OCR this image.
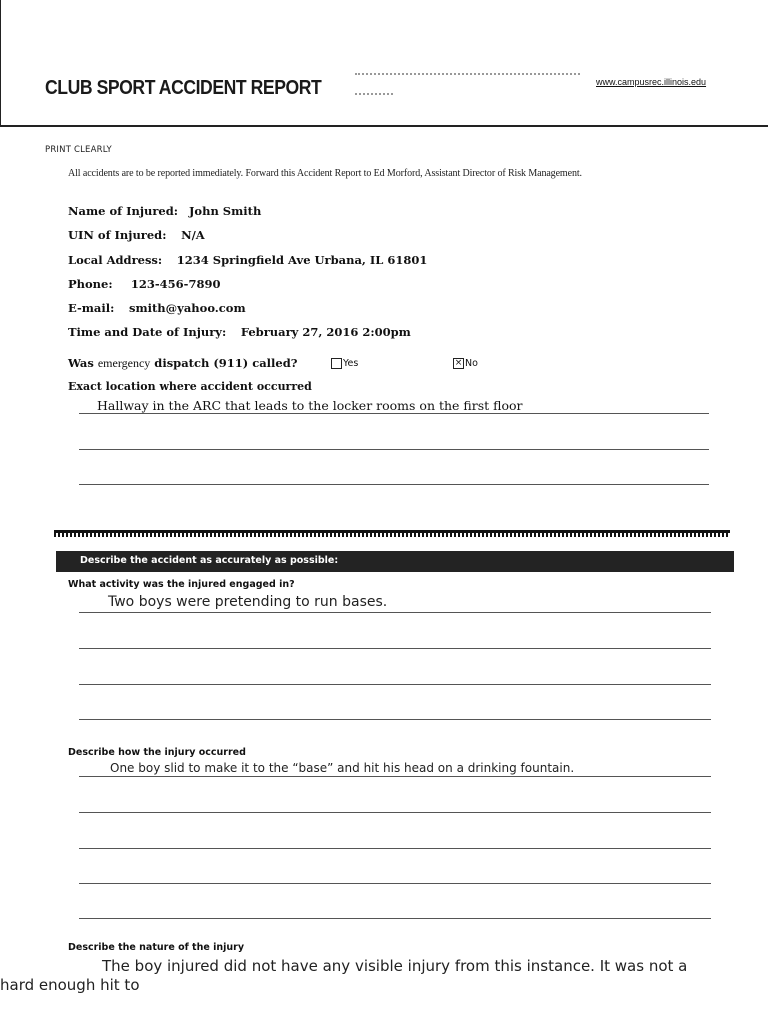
CLUB SPORT ACCIDENT REPORT	www.campusrec.illinois.edu
PRINT CLEARLY
All accidents are to be reported immediately. Forward this Accident Report to Ed Morford, Assistant Director of Risk Management.
Name of Injured: John Smith
UIN of Injured: N/A
Local Address: 1234 Springfield Ave Urbana, IL 61801
Phone: 123-456-7890
E-mail: smith@yahoo.com
Time and Date of Injury: February 27, 2016 2:00pm
Was emergency dispatch (911) called?	Yes	× No
Exact location where accident occurred
Hallway in the ARC that leads to the locker rooms on the first floor
Describe the accident as accurately as possible:
What activity was the injured engaged in?
Two boys were pretending to run bases.
Describe how the injury occurred
One boy slid to make it to the “base” and hit his head on a drinking fountain.
Describe the nature of the injury
The boy injured did not have any visible injury from this instance. It was not a
hard enough hit to
